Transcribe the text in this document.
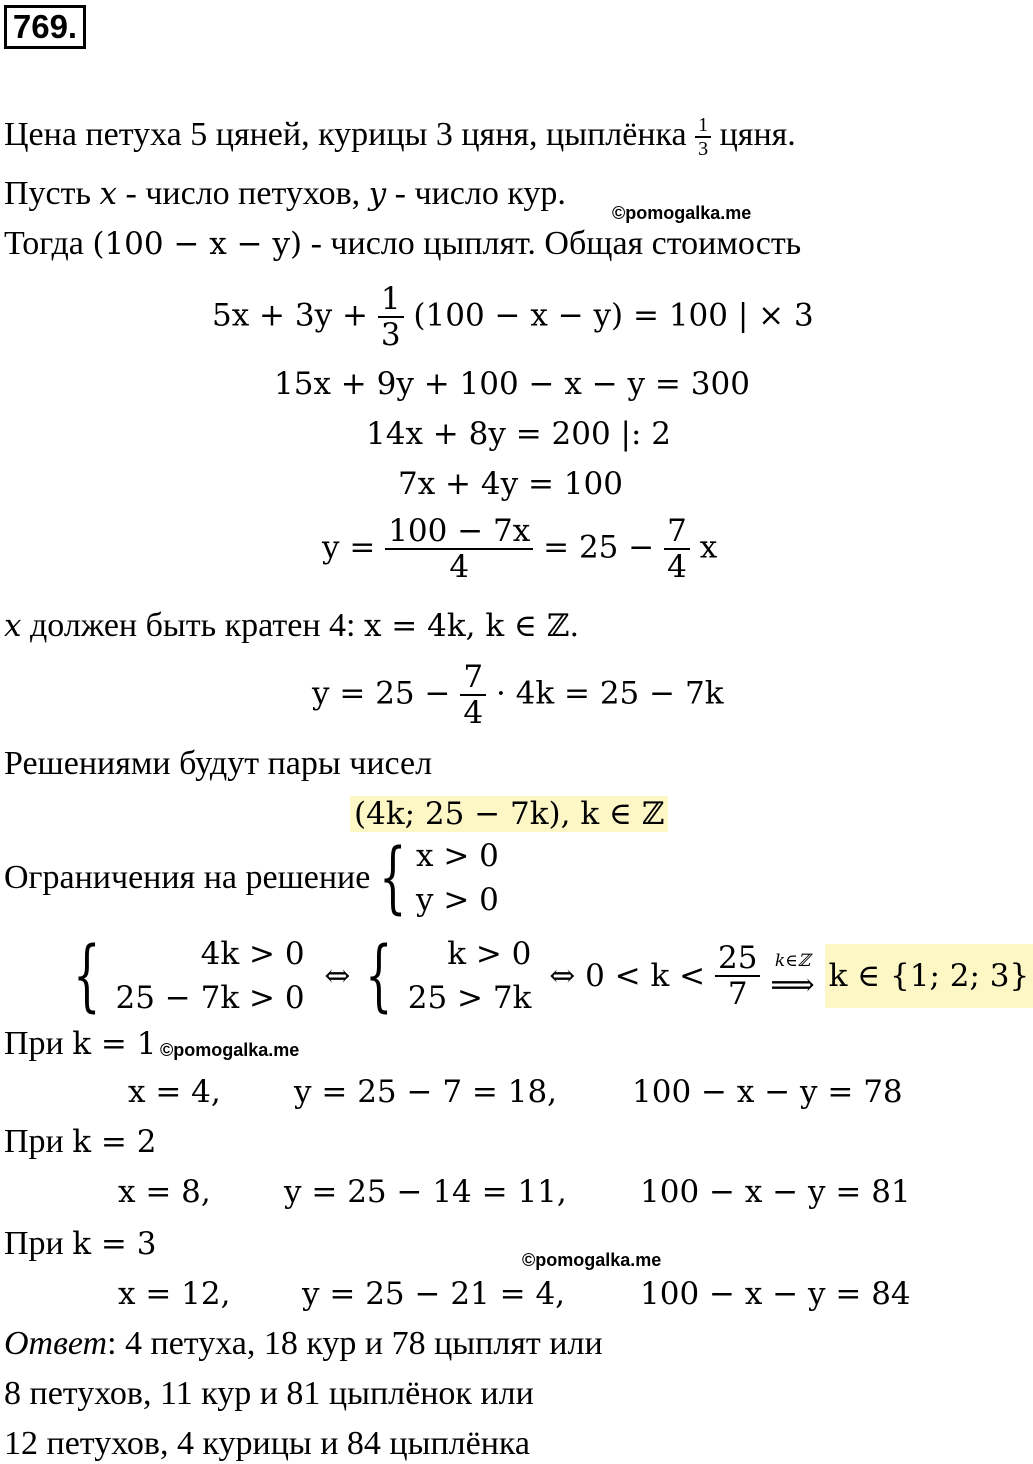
769.
Цена петуха 5 цяней, курицы 3 цяня, цыплёнка $\frac{1}{3}$ цяня.
Пусть x - число петухов, y - число кур.
©pomogalka.me
Тогда (100 − x − y) - число цыплят. Общая стоимость
$5x + 3y + \frac{1}{3} (100 - x - y) = 100$ | × 3
15x + 9y + 100 − x − y = 300
14x + 8y = 200 |: 2
7x + 4y = 100
$y = \frac{100 - 7x}{4} = 25 - \frac{7}{4}$ x
x должен быть кратен 4: x = 4k, k ∈ ℤ.
$y = 25 - \frac{7}{4} \cdot 4k = 25 - 7k$
Решениями будут пары чисел
(4k; 25 − 7k), k ∈ ℤ
Ограничения на решение { x > 0
y > 0
{	4k > 0
25 − 7k > 0
⇔ {	k > 0
25 > 7k
⇔ $0 < k < \frac{25}{7}$
k∈ℤ
⟹ k ∈ {1; 2; 3}
При k = 1 ©pomogalka.me
x = 4, y = 25 − 7 = 18, 100 − x − y = 78
При k = 2
x = 8, y = 25 − 14 = 11, 100 − x − y = 81
При k = 3	©pomogalka.me
x = 12, y = 25 − 21 = 4, 100 − x − y = 84
Ответ: 4 петуха, 18 кур и 78 цыплят или
8 петухов, 11 кур и 81 цыплёнок или
12 петухов, 4 курицы и 84 цыплёнка
